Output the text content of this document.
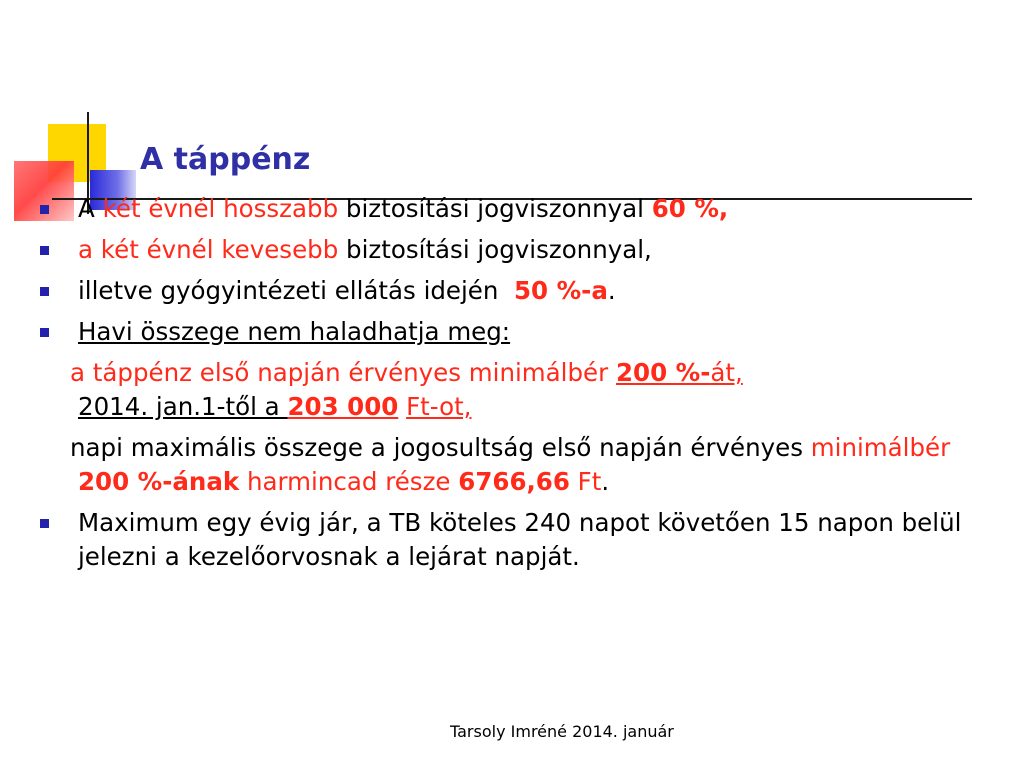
A táppénz

A két évnél hosszabb biztosítási jogviszonnyal 60 %,

a két évnél kevesebb biztosítási jogviszonnyal,

illetve gyógyintézeti ellátás idején  50 %-a.

Havi összege nem haladhatja meg:

a táppénz első napján érvényes minimálbér 200 %-át,
2014. jan.1-től a 203 000 Ft-ot,

napi maximális összege a jogosultság első napján érvényes minimálbér 200 %-ának harmincad része 6766,66 Ft.

Maximum egy évig jár, a TB köteles 240 napot követően 15 napon belül jelezni a kezelőorvosnak a lejárat napját.

Tarsoly Imréné 2014. január
